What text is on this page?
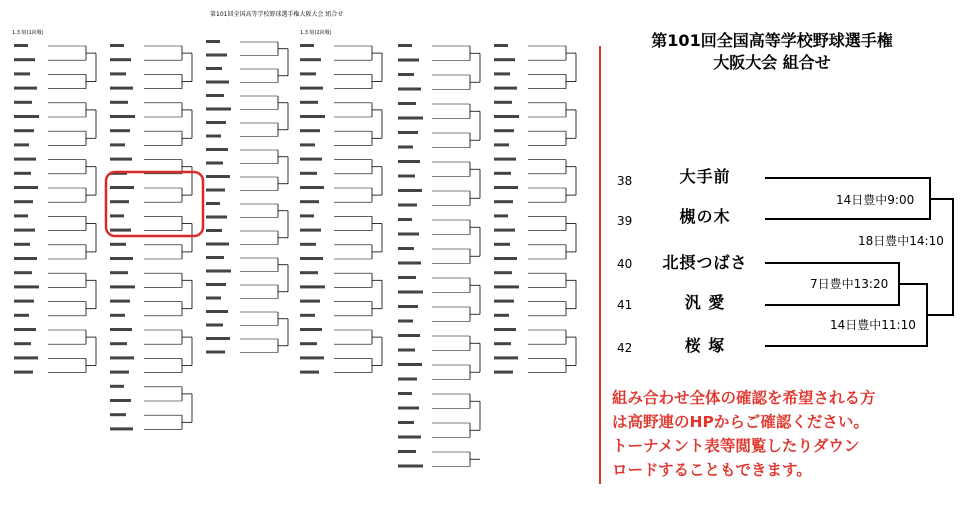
第101回全国高等学校野球選手権大阪大会 組合せ
1.3 組(1回戦)	1.3 組(2回戦)	第101回全国高等学校野球選手権
大阪大会 組合せ
38	大手前
39	槻の木
40	北摂つばさ
41	汎 愛
42	桜 塚
14日豊中9:00
18日豊中14:10
7日豊中13:20
14日豊中11:10
組み合わせ全体の確認を希望される方
は高野連のHPからご確認ください。
トーナメント表等閲覧したりダウン
ロードすることもできます。
